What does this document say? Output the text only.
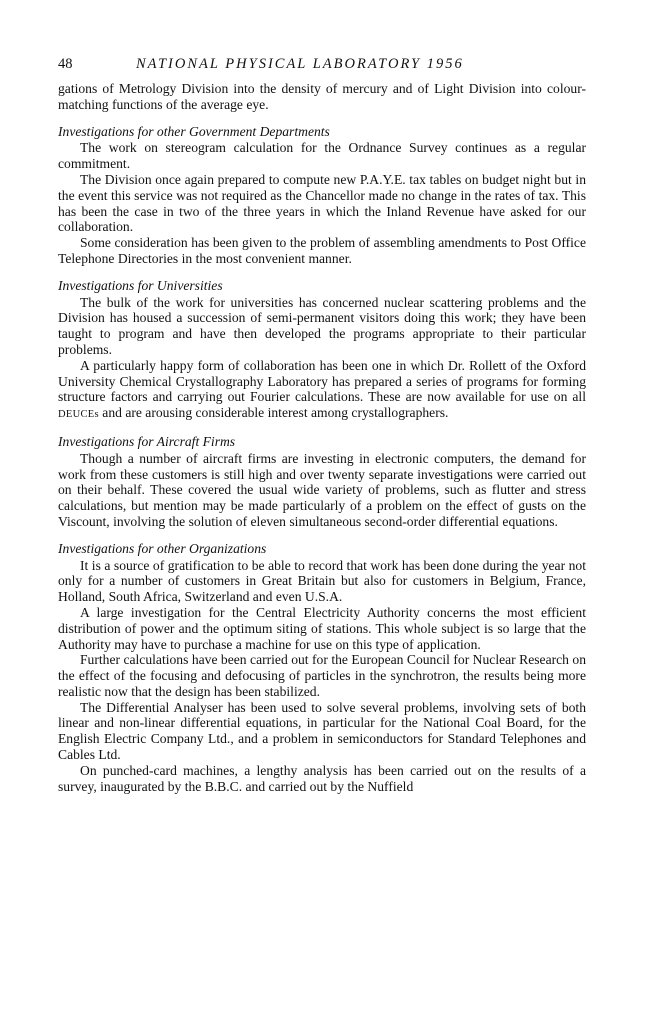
48	NATIONAL PHYSICAL LABORATORY 1956

gations of Metrology Division into the density of mercury and of Light Division into colour-matching functions of the average eye.

Investigations for other Government Departments

The work on stereogram calculation for the Ordnance Survey continues as a regular commitment.

The Division once again prepared to compute new P.A.Y.E. tax tables on budget night but in the event this service was not required as the Chancellor made no change in the rates of tax. This has been the case in two of the three years in which the Inland Revenue have asked for our collaboration.

Some consideration has been given to the problem of assembling amendments to Post Office Telephone Directories in the most convenient manner.

Investigations for Universities

The bulk of the work for universities has concerned nuclear scattering problems and the Division has housed a succession of semi-permanent visitors doing this work; they have been taught to program and have then developed the programs appropriate to their particular problems.

A particularly happy form of collaboration has been one in which Dr. Rollett of the Oxford University Chemical Crystallography Laboratory has prepared a series of programs for forming structure factors and carrying out Fourier calculations. These are now available for use on all DEUCEs and are arousing considerable interest among crystallographers.

Investigations for Aircraft Firms

Though a number of aircraft firms are investing in electronic computers, the demand for work from these customers is still high and over twenty separate investigations were carried out on their behalf. These covered the usual wide variety of problems, such as flutter and stress calculations, but mention may be made particularly of a problem on the effect of gusts on the Viscount, involving the solution of eleven simultaneous second-order differential equations.

Investigations for other Organizations

It is a source of gratification to be able to record that work has been done during the year not only for a number of customers in Great Britain but also for customers in Belgium, France, Holland, South Africa, Switzerland and even U.S.A.

A large investigation for the Central Electricity Authority concerns the most efficient distribution of power and the optimum siting of stations. This whole subject is so large that the Authority may have to purchase a machine for use on this type of application.

Further calculations have been carried out for the European Council for Nuclear Research on the effect of the focusing and defocusing of particles in the synchrotron, the results being more realistic now that the design has been stabilized.

The Differential Analyser has been used to solve several problems, involving sets of both linear and non-linear differential equations, in particular for the National Coal Board, for the English Electric Company Ltd., and a problem in semiconductors for Standard Telephones and Cables Ltd.

On punched-card machines, a lengthy analysis has been carried out on the results of a survey, inaugurated by the B.B.C. and carried out by the Nuffield
